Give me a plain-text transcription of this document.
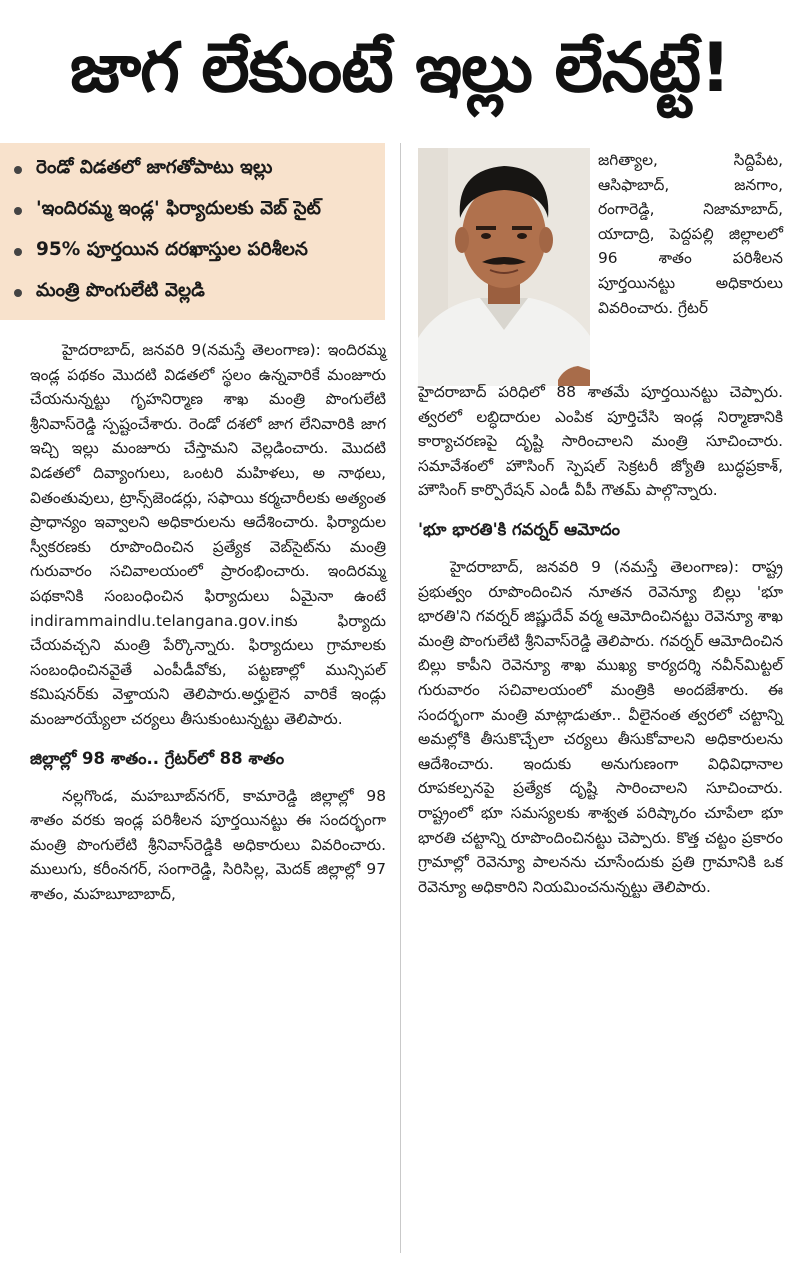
జాగ లేకుంటే ఇల్లు లేనట్టే!
రెండో విడతలో జాగతోపాటు ఇల్లు
'ఇందిరమ్మ ఇండ్ల' ఫిర్యాదులకు వెబ్ సైట్
95% పూర్తయిన దరఖాస్తుల పరిశీలన
మంత్రి పొంగులేటి వెల్లడి

హైదరాబాద్, జనవరి 9(నమస్తే తెలంగాణ): ఇందిరమ్మ ఇండ్ల పథకం మొదటి విడతలో స్థలం ఉన్నవారికే మంజూరు చేయనున్నట్టు గృహనిర్మాణ శాఖ మంత్రి పొంగులేటి శ్రీనివాస్‌రెడ్డి స్పష్టంచేశారు. రెండో దశలో జాగ లేనివారికి జాగ ఇచ్చి ఇల్లు మంజూరు చేస్తామని వెల్లడించారు. మొదటి విడతలో దివ్యాంగులు, ఒంటరి మహిళలు, అ నాథలు, వితంతువులు, ట్రాన్స్‌జెండర్లు, సఫాయి కర్మచారీలకు అత్యంత ప్రాధాన్యం ఇవ్వాలని అధికారులను ఆదేశించారు. ఫిర్యాదుల స్వీకరణకు రూపొందించిన ప్రత్యేక వెబ్‌సైట్‌ను మంత్రి గురువారం సచివాలయంలో ప్రారంభించారు. ఇందిరమ్మ పథకానికి సంబంధించిన ఫిర్యాదులు ఏమైనా ఉంటే indirammaindlu.telangana.gov.inకు ఫిర్యాదు చేయవచ్చని మంత్రి పేర్కొన్నారు. ఫిర్యాదులు గ్రామాలకు సంబంధించినవైతే ఎంపీడీవోకు, పట్టణాల్లో మున్సిపల్ కమిషనర్‌కు వెళ్తాయని తెలిపారు.అర్హులైన వారికే ఇండ్లు మంజూరయ్యేలా చర్యలు తీసుకుంటున్నట్టు తెలిపారు.

జిల్లాల్లో 98 శాతం.. గ్రేటర్‌లో 88 శాతం

నల్లగొండ, మహబూబ్‌నగర్, కామారెడ్డి జిల్లాల్లో 98 శాతం వరకు ఇండ్ల పరిశీలన పూర్తయినట్టు ఈ సందర్భంగా మంత్రి పొంగులేటి శ్రీనివాస్‌రెడ్డికి అధికారులు వివరించారు. ములుగు, కరీంనగర్, సంగారెడ్డి, సిరిసిల్ల, మెదక్ జిల్లాల్లో 97 శాతం, మహబూబాబాద్,

జగిత్యాల, సిద్దిపేట, ఆసిఫాబాద్, జనగాం, రంగారెడ్డి, నిజామాబాద్, యాదాద్రి, పెద్దపల్లి జిల్లాలలో 96 శాతం పరిశీలన పూర్తయినట్టు అధికారులు వివరించారు. గ్రేటర్

హైదరాబాద్ పరిధిలో 88 శాతమే పూర్తయినట్టు చెప్పారు. త్వరలో లబ్ధిదారుల ఎంపిక పూర్తిచేసి ఇండ్ల నిర్మాణానికి కార్యాచరణపై దృష్టి సారించాలని మంత్రి సూచించారు. సమావేశంలో హౌసింగ్ స్పెషల్ సెక్రటరీ జ్యోతి బుద్ధప్రకాశ్, హౌసింగ్ కార్పొరేషన్ ఎండీ వీపీ గౌతమ్ పాల్గొన్నారు.

'భూ భారతి'కి గవర్నర్ ఆమోదం

హైదరాబాద్, జనవరి 9 (నమస్తే తెలంగాణ): రాష్ట్ర ప్రభుత్వం రూపొందించిన నూతన రెవెన్యూ బిల్లు 'భూ భారతి'ని గవర్నర్ జిష్ణుదేవ్ వర్మ ఆమోదించినట్టు రెవెన్యూ శాఖ మంత్రి పొంగులేటి శ్రీనివాస్‌రెడ్డి తెలిపారు. గవర్నర్ ఆమోదించిన బిల్లు కాపీని రెవెన్యూ శాఖ ముఖ్య కార్యదర్శి నవీన్‌మిట్టల్ గురువారం సచివాలయంలో మంత్రికి అందజేశారు. ఈ సందర్భంగా మంత్రి మాట్లాడుతూ.. వీలైనంత త్వరలో చట్టాన్ని అమల్లోకి తీసుకొచ్చేలా చర్యలు తీసుకోవాలని అధికారులను ఆదేశించారు. ఇందుకు అనుగుణంగా విధివిధానాల రూపకల్పనపై ప్రత్యేక దృష్టి సారించాలని సూచించారు. రాష్ట్రంలో భూ సమస్యలకు శాశ్వత పరిష్కారం చూపేలా భూ భారతి చట్టాన్ని రూపొందించినట్టు చెప్పారు. కొత్త చట్టం ప్రకారం గ్రామాల్లో రెవెన్యూ పాలనను చూసేందుకు ప్రతి గ్రామానికి ఒక రెవెన్యూ అధికారిని నియమించనున్నట్టు తెలిపారు.
